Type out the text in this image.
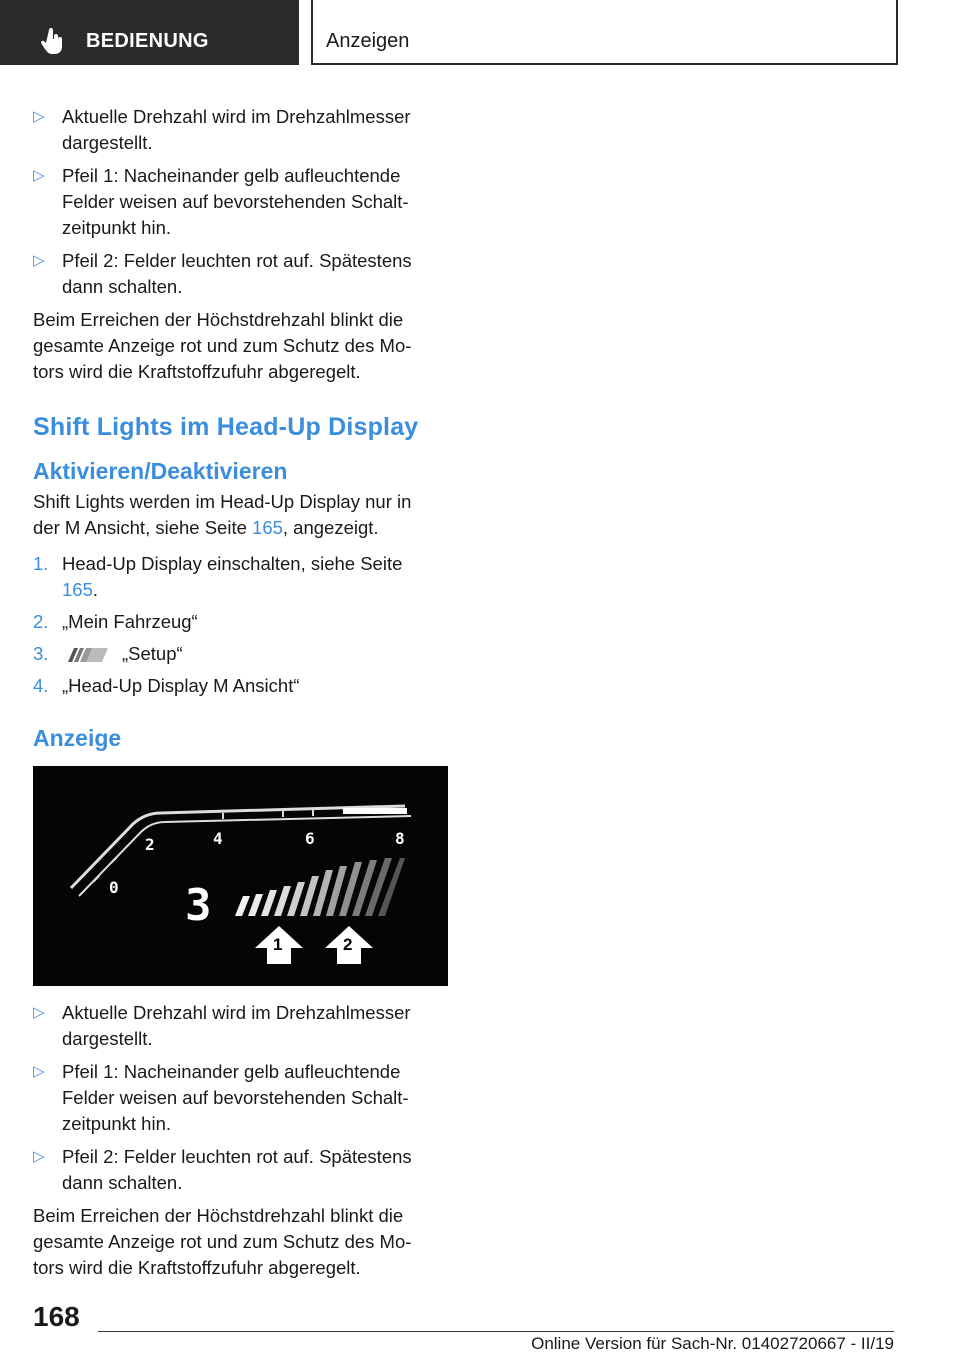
BEDIENUNG	Anzeigen
▷ Aktuelle Drehzahl wird im Drehzahlmesser dargestellt.
▷ Pfeil 1: Nacheinander gelb aufleuchtende Felder weisen auf bevorstehenden Schalt-zeitpunkt hin.
▷ Pfeil 2: Felder leuchten rot auf. Spätestens dann schalten.
Beim Erreichen der Höchstdrehzahl blinkt die gesamte Anzeige rot und zum Schutz des Mo-tors wird die Kraftstoffzufuhr abgeregelt.
Shift Lights im Head-Up Display
Aktivieren/Deaktivieren
Shift Lights werden im Head-Up Display nur in der M Ansicht, siehe Seite 165, angezeigt.
1. Head-Up Display einschalten, siehe Seite 165.
2. „Mein Fahrzeug“
3.	„Setup“
4. „Head-Up Display M Ansicht“
Anzeige
0
2	4	6	8
3
1	2
▷ Aktuelle Drehzahl wird im Drehzahlmesser dargestellt.
▷ Pfeil 1: Nacheinander gelb aufleuchtende Felder weisen auf bevorstehenden Schalt-zeitpunkt hin.
▷ Pfeil 2: Felder leuchten rot auf. Spätestens dann schalten.
Beim Erreichen der Höchstdrehzahl blinkt die gesamte Anzeige rot und zum Schutz des Mo-tors wird die Kraftstoffzufuhr abgeregelt.
168
Online Version für Sach-Nr. 01402720667 - II/19
